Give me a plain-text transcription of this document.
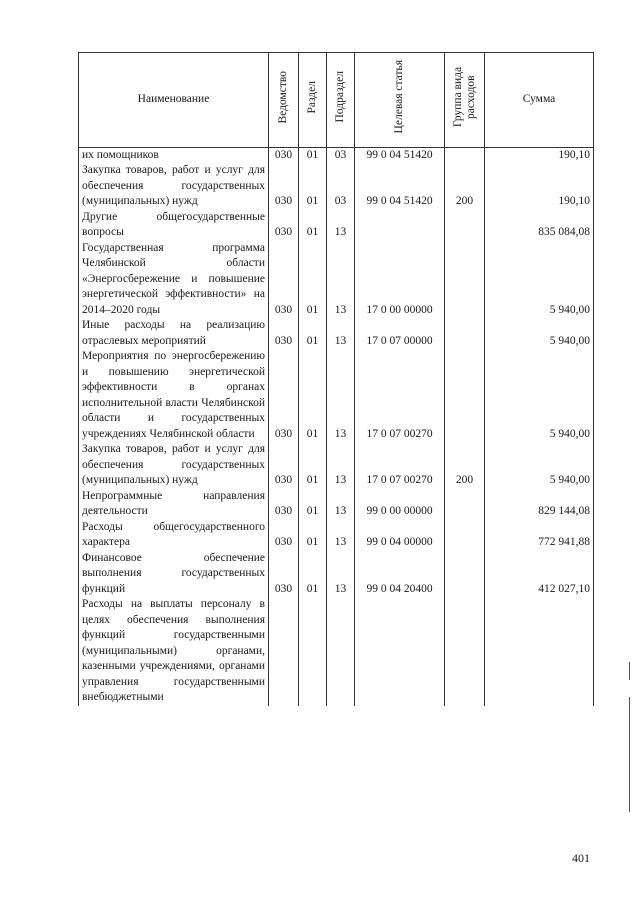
Наименование	Ведомство	Раздел	Подраздел	Целевая статья	Группа вида расходов	Сумма
их помощников	030	01	03	99 0 04 51420		190,10
Закупка товаров, работ и услуг для обеспечения государственных (муниципальных) нужд	030	01	03	99 0 04 51420	200	190,10
Другие общегосударственные вопросы	030	01	13			835 084,08
Государственная программа Челябинской области «Энергосбережение и повышение энергетической эффективности» на 2014–2020 годы	030	01	13	17 0 00 00000		5 940,00
Иные расходы на реализацию отраслевых мероприятий	030	01	13	17 0 07 00000		5 940,00
Мероприятия по энергосбережению и повышению энергетической эффективности в органах исполнительной власти Челябинской области и государственных учреждениях Челябинской области	030	01	13	17 0 07 00270		5 940,00
Закупка товаров, работ и услуг для обеспечения государственных (муниципальных) нужд	030	01	13	17 0 07 00270	200	5 940,00
Непрограммные направления деятельности	030	01	13	99 0 00 00000		829 144,08
Расходы общегосударственного характера	030	01	13	99 0 04 00000		772 941,88
Финансовое обеспечение выполнения государственных функций	030	01	13	99 0 04 20400		412 027,10
Расходы на выплаты персоналу в целях обеспечения выполнения функций государственными (муниципальными) органами, казенными учреждениями, органами управления государственными внебюджетными						
401
